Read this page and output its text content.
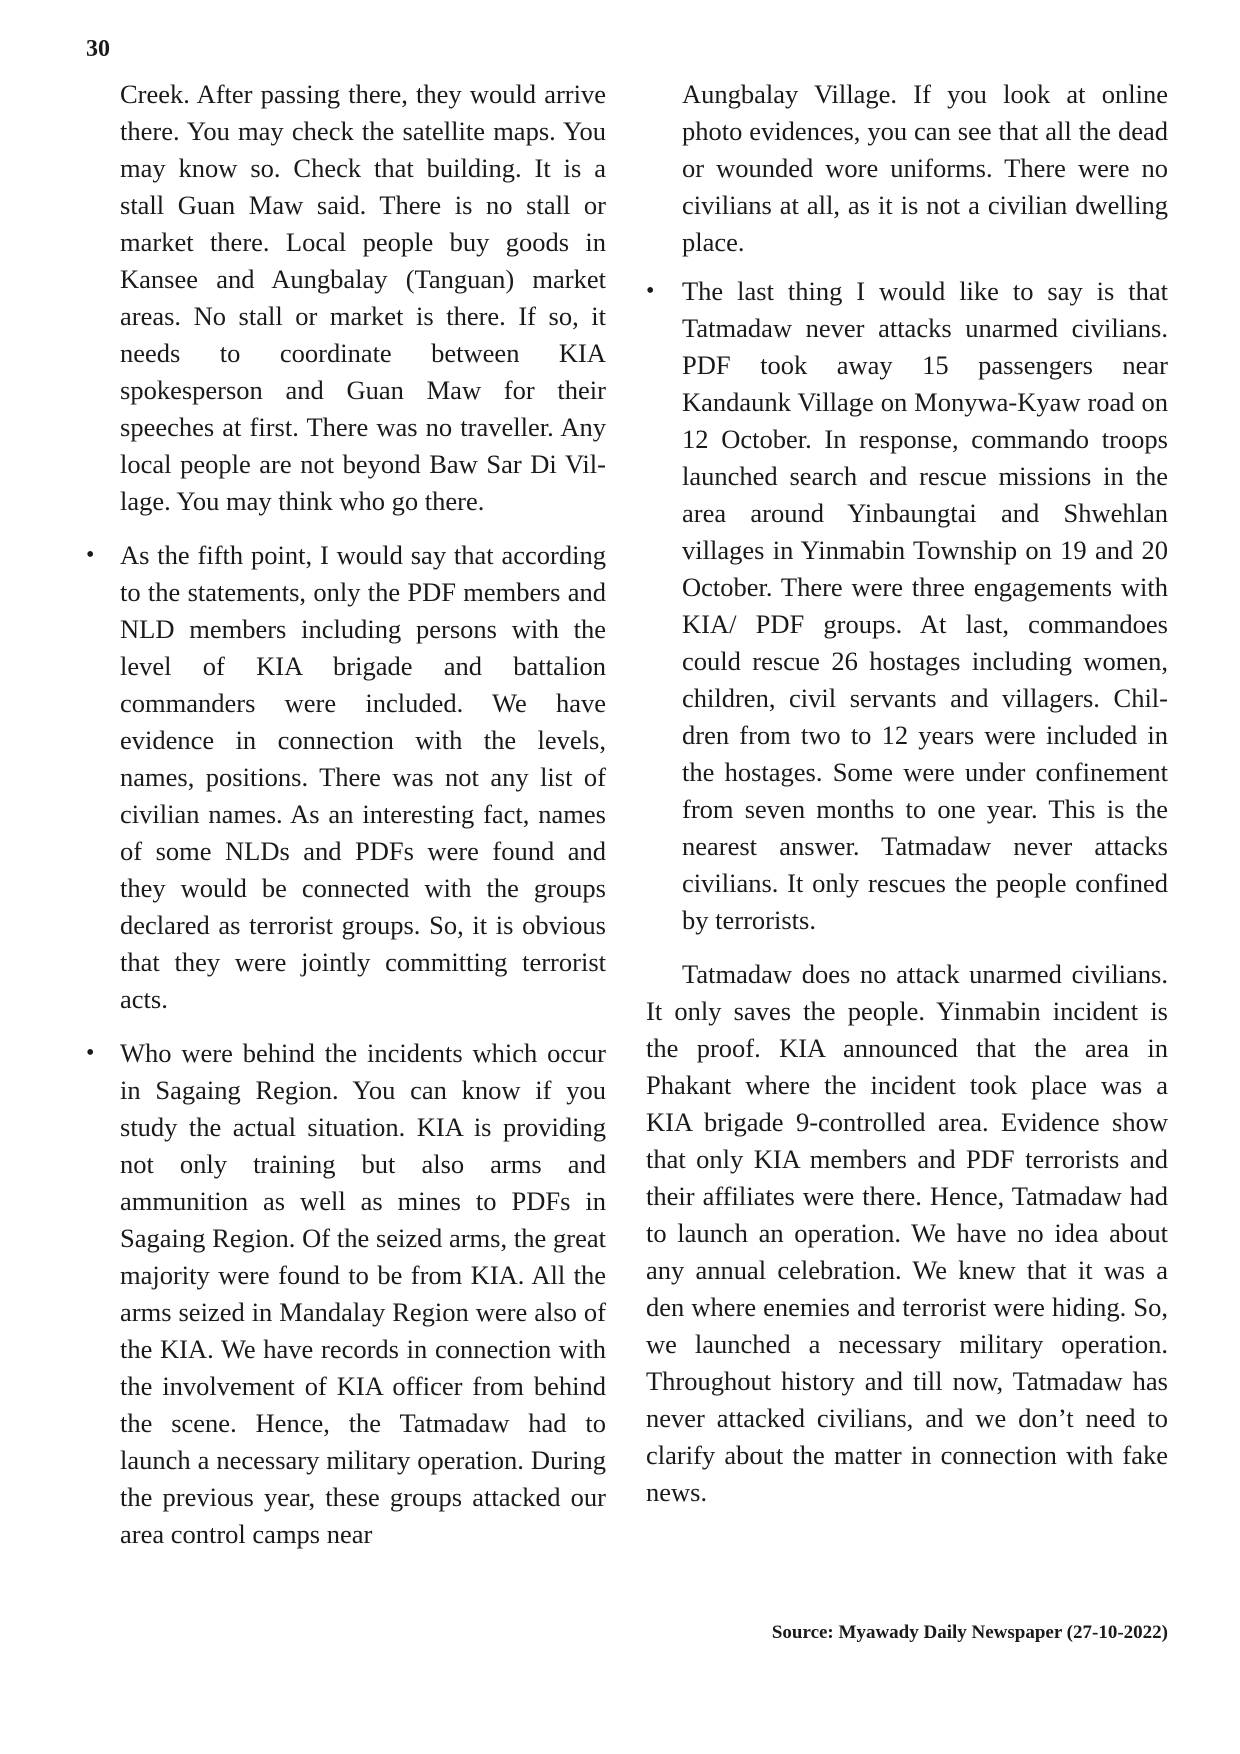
30

Creek. After passing there, they would arrive there. You may check the satellite maps. You may know so. Check that building. It is a stall Guan Maw said. There is no stall or market there. Local people buy goods in Kansee and Aungbalay (Tanguan) market areas. No stall or market is there. If so, it needs to coordinate between KIA spokesperson and Guan Maw for their speeches at first. There was no traveller. Any local people are not beyond Baw Sar Di Village. You may think who go there.

• As the fifth point, I would say that according to the statements, only the PDF members and NLD members including persons with the level of KIA brigade and battalion commanders were included. We have evidence in connection with the levels, names, positions. There was not any list of civilian names. As an interesting fact, names of some NLDs and PDFs were found and they would be connected with the groups declared as terrorist groups. So, it is obvious that they were jointly committing terrorist acts.
• Who were behind the incidents which occur in Sagaing Region. You can know if you study the actual situation. KIA is providing not only training but also arms and ammunition as well as mines to PDFs in Sagaing Region. Of the seized arms, the great majority were found to be from KIA. All the arms seized in Mandalay Region were also of the KIA. We have records in connection with the involvement of KIA officer from behind the scene. Hence, the Tatmadaw had to launch a necessary military operation. During the previous year, these groups attacked our area control camps near

Aungbalay Village. If you look at online photo evidences, you can see that all the dead or wounded wore uniforms. There were no civilians at all, as it is not a civilian dwelling place.

• The last thing I would like to say is that Tatmadaw never attacks unarmed civilians. PDF took away 15 passengers near Kandaunk Village on Monywa-Kyaw road on 12 October. In response, commando troops launched search and rescue missions in the area around Yinbaungtai and Shwehlan villages in Yinmabin Township on 19 and 20 October. There were three engagements with KIA/ PDF groups. At last, commandoes could rescue 26 hostages including women, children, civil servants and villagers. Children from two to 12 years were included in the hostages. Some were under confinement from seven months to one year. This is the nearest answer. Tatmadaw never attacks civilians. It only rescues the people confined by terrorists.

Tatmadaw does no attack unarmed civilians. It only saves the people. Yinmabin incident is the proof. KIA announced that the area in Phakant where the incident took place was a KIA brigade 9-controlled area. Evidence show that only KIA members and PDF terrorists and their affiliates were there. Hence, Tatmadaw had to launch an operation. We have no idea about any annual celebration. We knew that it was a den where enemies and terrorist were hiding. So, we launched a necessary military operation. Throughout history and till now, Tatmadaw has never attacked civilians, and we don’t need to clarify about the matter in connection with fake news.

Source: Myawady Daily Newspaper (27-10-2022)
